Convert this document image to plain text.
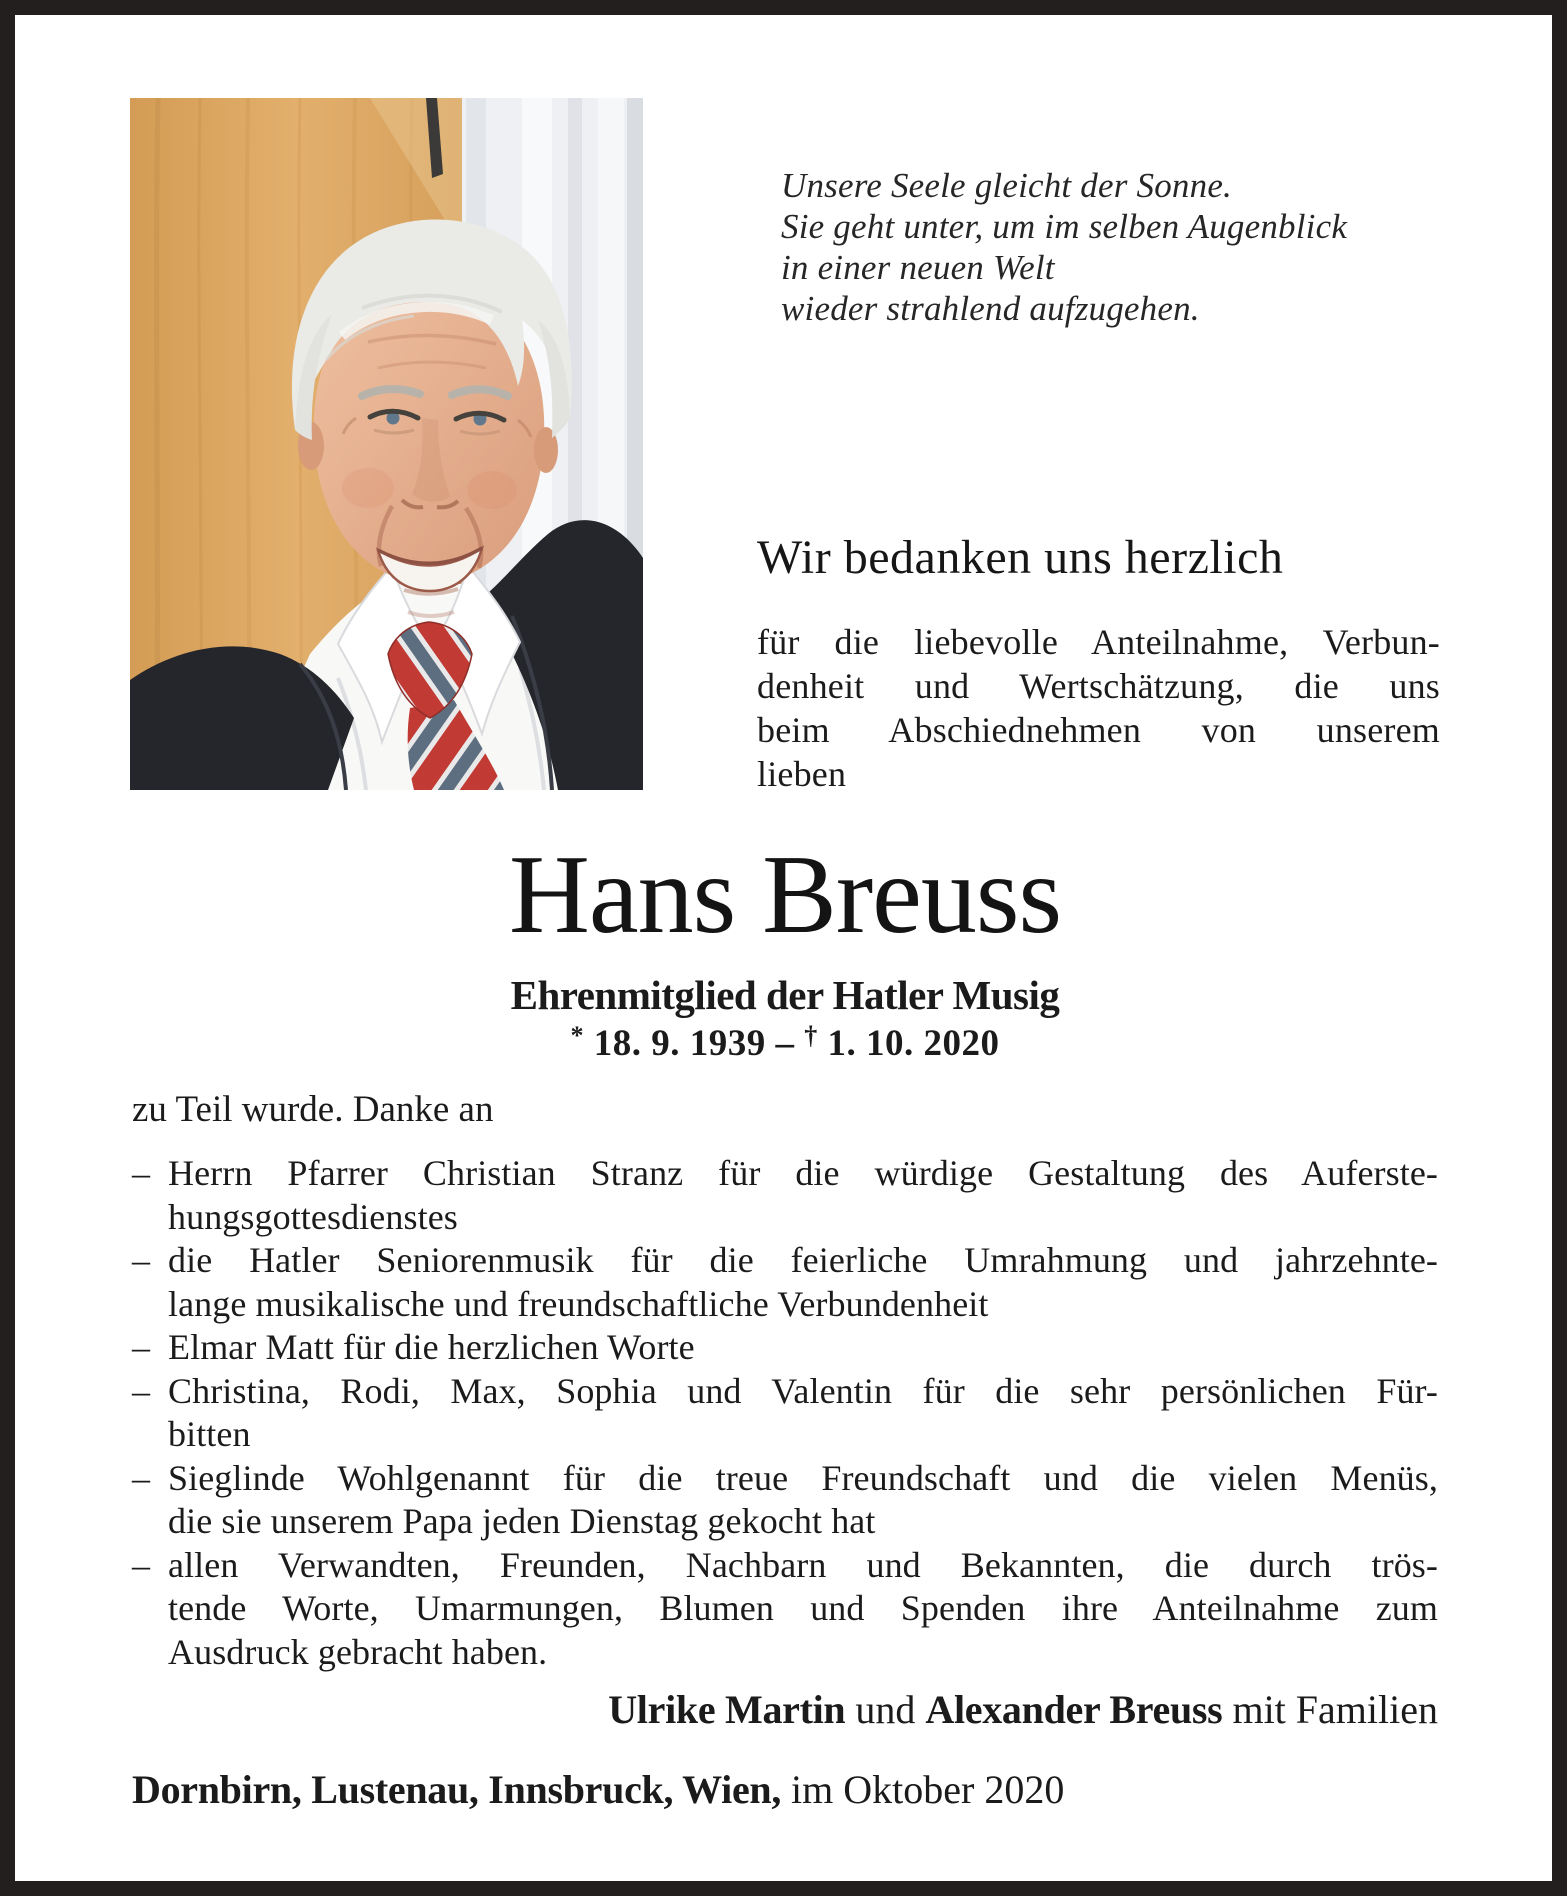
Unsere Seele gleicht der Sonne.
Sie geht unter, um im selben Augenblick
in einer neuen Welt
wieder strahlend aufzugehen.
Wir bedanken uns herzlich
für die liebevolle Anteilnahme, Verbun-
denheit und Wertschätzung, die uns
beim Abschiednehmen von unserem
lieben
Hans Breuss
Ehrenmitglied der Hatler Musig
* 18. 9. 1939 – † 1. 10. 2020
zu Teil wurde. Danke an
– Herrn Pfarrer Christian Stranz für die würdige Gestaltung des Auferste-
hungsgottesdienstes
– die Hatler Seniorenmusik für die feierliche Umrahmung und jahrzehnte-
lange musikalische und freundschaftliche Verbundenheit
– Elmar Matt für die herzlichen Worte
– Christina, Rodi, Max, Sophia und Valentin für die sehr persönlichen Für-
bitten
– Sieglinde Wohlgenannt für die treue Freundschaft und die vielen Menüs,
die sie unserem Papa jeden Dienstag gekocht hat
– allen Verwandten, Freunden, Nachbarn und Bekannten, die durch trös-
tende Worte, Umarmungen, Blumen und Spenden ihre Anteilnahme zum
Ausdruck gebracht haben.
Ulrike Martin und Alexander Breuss mit Familien
Dornbirn, Lustenau, Innsbruck, Wien, im Oktober 2020
